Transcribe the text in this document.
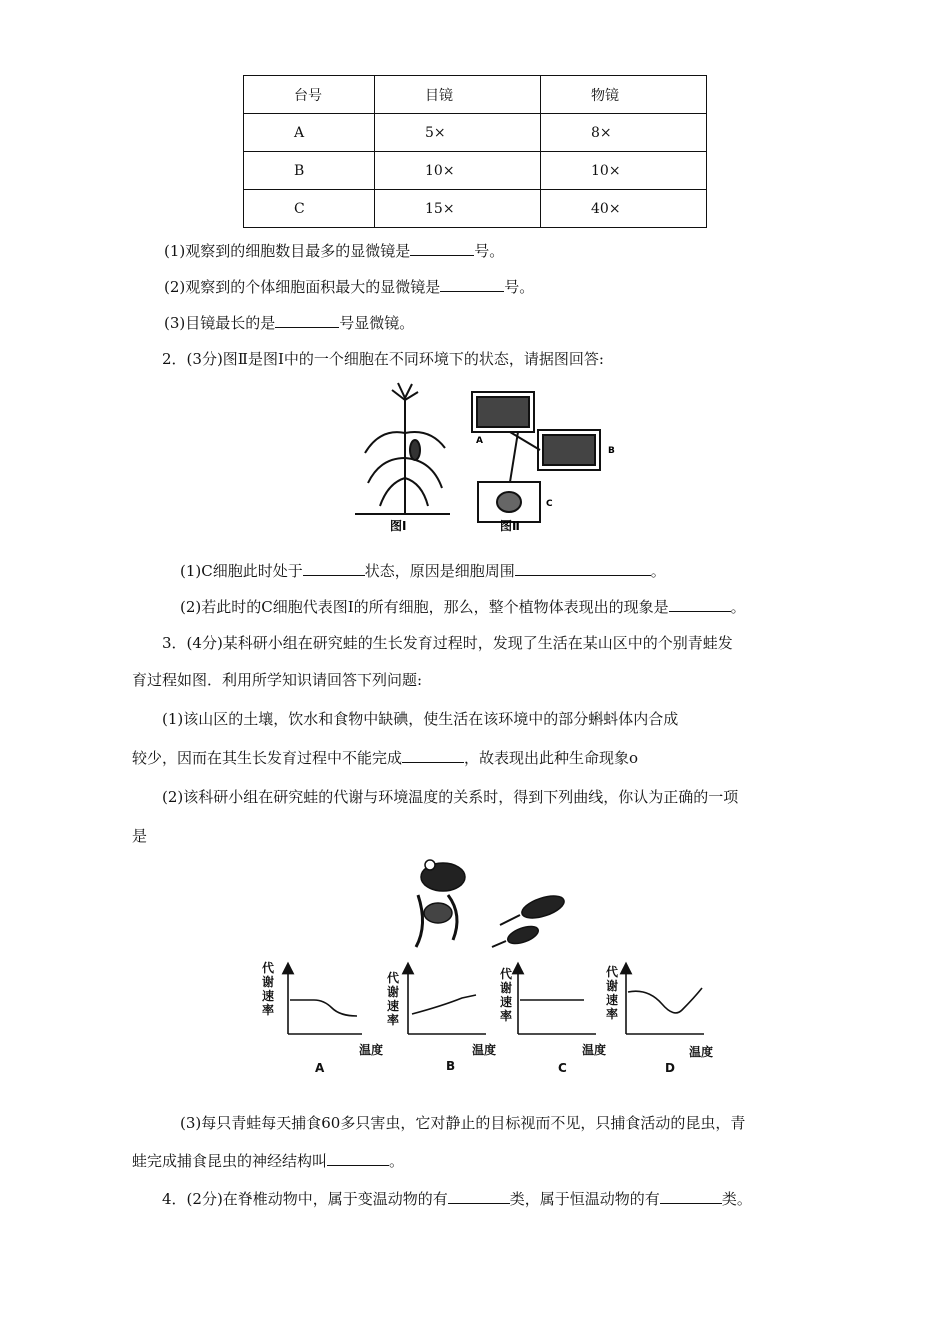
台号	目镜	物镜
A	5×	8×
B	10×	10×
C	15×	40×
(1)观察到的细胞数目最多的显微镜是	号。
(2)观察到的个体细胞面积最大的显微镜是	号。
(3)目镜最长的是	号显微镜。
2．(3分)图Ⅱ是图Ⅰ中的一个细胞在不同环境下的状态，请据图回答:
图Ⅰ
A
B
C
图Ⅱ
(1)C细胞此时处于	状态，原因是细胞周围	。
(2)若此时的C细胞代表图Ⅰ的所有细胞，那么，整个植物体表现出的现象是	。
3．(4分)某科研小组在研究蛙的生长发育过程时，发现了生活在某山区中的个别青蛙发
育过程如图．利用所学知识请回答下列问题:
(1)该山区的土壤，饮水和食物中缺碘，使生活在该环境中的部分蝌蚪体内合成
较少，因而在其生长发育过程中不能完成	，故表现出此种生命现象o
(2)该科研小组在研究蛙的代谢与环境温度的关系时，得到下列曲线，你认为正确的一项
是
代谢速率
代谢速率
代谢速率
代谢速率
温度	温度	温度	温度
A	B	C	D
(3)每只青蛙每天捕食60多只害虫，它对静止的目标视而不见，只捕食活动的昆虫，青
蛙完成捕食昆虫的神经结构叫	。
4．(2分)在脊椎动物中，属于变温动物的有	类，属于恒温动物的有	类。
